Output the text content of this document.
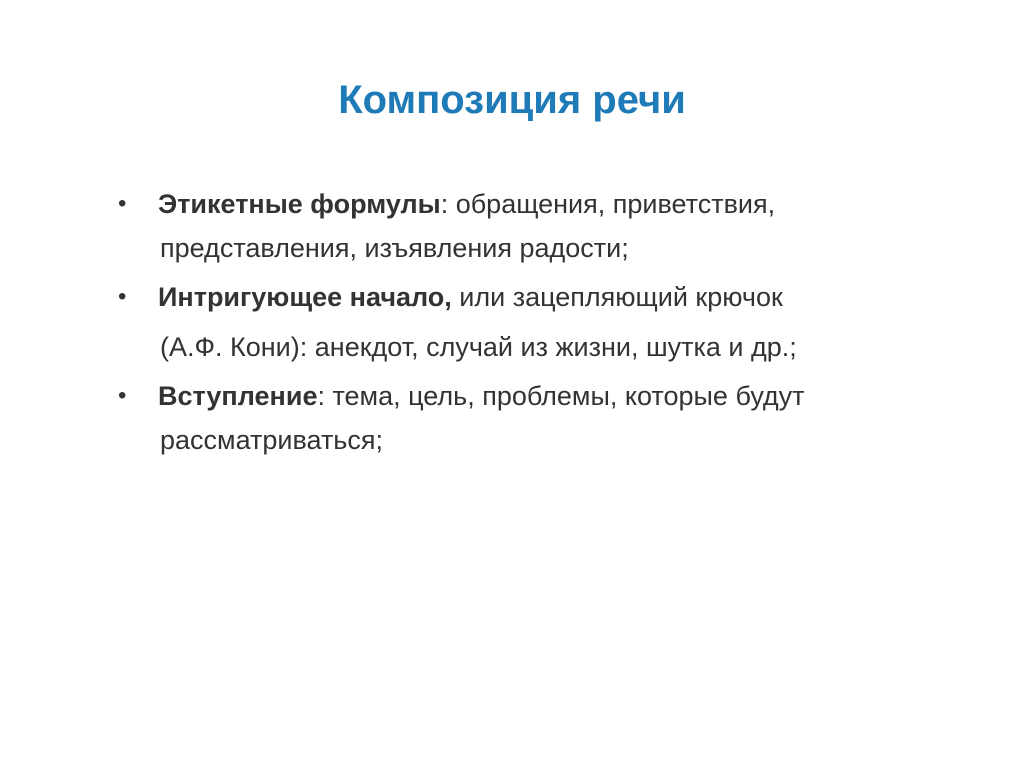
Композиция речи
•	Этикетные формулы: обращения, приветствия,
представления, изъявления радости;
•	Интригующее начало, или зацепляющий крючок
(А.Ф. Кони): анекдот, случай из жизни, шутка и др.;
•	Вступление: тема, цель, проблемы, которые будут
рассматриваться;
